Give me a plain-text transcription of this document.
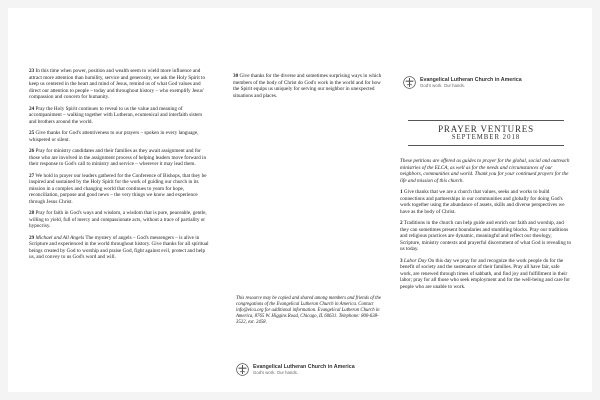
23 In this time when power, position and wealth seem to wield more influence and attract more attention than humility, service and generosity, we ask the Holy Spirit to keep us centered in the heart and mind of Jesus, remind us of what God values and direct our attention to people – today and throughout history – who exemplify Jesus' compassion and concern for humanity.

24 Pray the Holy Spirit continues to reveal to us the value and meaning of accompaniment – walking together with Lutheran, ecumenical and interfaith sisters and brothers around the world.

25 Give thanks for God's attentiveness to our prayers – spoken in every language, whispered or silent.

26 Pray for ministry candidates and their families as they await assignment and for those who are involved in the assignment process of helping leaders move forward in their response to God's call to ministry and service – wherever it may lead them.

27 We hold in prayer our leaders gathered for the Conference of Bishops, that they be inspired and sustained by the Holy Spirit for the work of guiding our church in its mission in a complex and changing world that continues to yearn for hope, reconciliation, purpose and good news – the very things we know and experience through Jesus Christ.

28 Pray for faith in God's ways and wisdom, a wisdom that is pure, peaceable, gentle, willing to yield, full of mercy and compassionate acts, without a trace of partiality or hypocrisy.

29 Michael and All Angels The mystery of angels – God's messengers – is alive in Scripture and experienced in the world throughout history. Give thanks for all spiritual beings created by God to worship and praise God, fight against evil, protect and help us, and convey to us God's word and will.

30 Give thanks for the diverse and sometimes surprising ways in which members of the body of Christ do God's work in the world and for how the Spirit equips us uniquely for serving our neighbor in unexpected situations and places.

This resource may be copied and shared among members and friends of the congregations of the Evangelical Lutheran Church in America. Contact info@elca.org for additional information. Evangelical Lutheran Church in America, 8765 W. Higgins Road, Chicago, IL 60631. Telephone: 800-638-3522, ext. 2458.
Evangelical Lutheran Church in America
God's work. Our hands.
Evangelical Lutheran Church in America
God's work. Our hands.
PRAYER VENTURES
SEPTEMBER 2018

These petitions are offered as guides to prayer for the global, social and outreach ministries of the ELCA, as well as for the needs and circumstances of our neighbors, communities and world. Thank you for your continued prayers for the life and mission of this church.

1 Give thanks that we are a church that values, seeks and works to build connections and partnerships in our communities and globally for doing God's work together using the abundance of assets, skills and diverse perspectives we have as the body of Christ.

2 Traditions in the church can help guide and enrich our faith and worship, and they can sometimes present boundaries and stumbling blocks. Pray our traditions and religious practices are dynamic, meaningful and reflect our theology, Scripture, ministry contexts and prayerful discernment of what God is revealing to us today.

3 Labor Day On this day we pray for and recognize the work people do for the benefit of society and the sustenance of their families. Pray all have fair, safe work, are renewed through times of sabbath, and find joy and fulfillment in their labor; pray for all those who seek employment and for the well-being and care for people who are unable to work.
